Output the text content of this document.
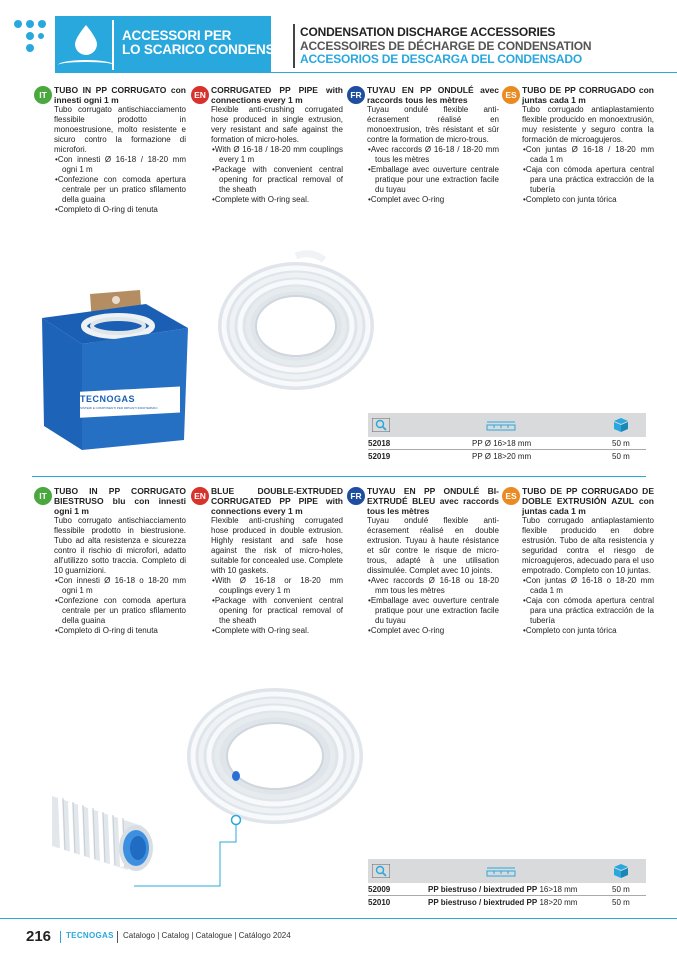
ACCESSORI PER
LO SCARICO CONDENSA
CONDENSATION DISCHARGE ACCESSORIES
ACCESSOIRES DE DÉCHARGE DE CONDENSATION
ACCESORIOS DE DESCARGA DEL CONDENSADO
IT TUBO IN PP CORRUGATO con innesti ogni 1 m
Tubo corrugato antischiacciamento flessibile prodotto in monoestrusione, molto resistente e sicuro contro la formazione di microfori.
• Con innesti Ø 16-18 / 18-20 mm ogni 1 m
• Confezione con comoda apertura centrale per un pratico sfilamento della guaina
• Completo di O-ring di tenuta
EN CORRUGATED PP PIPE with connections every 1 m
Flexible anti-crushing corrugated hose produced in single extrusion, very resistant and safe against the formation of micro-holes.
• With Ø 16-18 / 18-20 mm couplings every 1 m
• Package with convenient central opening for practical removal of the sheath
• Complete with O-ring seal.
FR TUYAU EN PP ONDULÉ avec raccords tous les mètres
Tuyau ondulé flexible anti-écrasement réalisé en monoextrusion, très résistant et sûr contre la formation de micro-trous.
• Avec raccords Ø 16-18 / 18-20 mm tous les mètres
• Emballage avec ouverture centrale pratique pour une extraction facile du tuyau
• Complet avec O-ring
ES TUBO DE PP CORRUGADO con juntas cada 1 m
Tubo corrugado antiaplastamiento flexible producido en monoextrusión, muy resistente y seguro contra la formación de microagujeros.
• Con juntas Ø 16-18 / 18-20 mm cada 1 m
• Caja con cómoda apertura central para una práctica extracción de la tubería
• Completo con junta tórica
TECNOGAS
SISTEMI E COMPONENTI PER IMPIANTI IDROTERMICI
52018	PP Ø 16>18 mm	50 m
52019	PP Ø 18>20 mm	50 m
IT TUBO IN PP CORRUGATO BIESTRUSO blu con innesti ogni 1 m
Tubo corrugato antischiacciamento flessibile prodotto in biestrusione. Tubo ad alta resistenza e sicurezza contro il rischio di microfori, adatto all'utilizzo sotto traccia. Completo di 10 guarnizioni.
• Con innesti Ø 16-18 o 18-20 mm ogni 1 m
• Confezione con comoda apertura centrale per un pratico sfilamento della guaina
• Completo di O-ring di tenuta
EN BLUE DOUBLE-EXTRUDED CORRUGATED PP PIPE with connections every 1 m
Flexible anti-crushing corrugated hose produced in double extrusion. Highly resistant and safe hose against the risk of micro-holes, suitable for concealed use. Complete with 10 gaskets.
• With Ø 16-18 or 18-20 mm couplings every 1 m
• Package with convenient central opening for practical removal of the sheath
• Complete with O-ring seal.
FR TUYAU EN PP ONDULÉ BI-EXTRUDÉ BLEU avec raccords tous les mètres
Tuyau ondulé flexible anti-écrasement réalisé en double extrusion. Tuyau à haute résistance et sûr contre le risque de micro-trous, adapté à une utilisation dissimulée. Complet avec 10 joints.
• Avec raccords Ø 16-18 ou 18-20 mm tous les mètres
• Emballage avec ouverture centrale pratique pour une extraction facile du tuyau
• Complet avec O-ring
ES TUBO DE PP CORRUGADO DE DOBLE EXTRUSIÓN AZUL con juntas cada 1 m
Tubo corrugado antiaplastamiento flexible producido en dobre estrusión. Tubo de alta resistencia y seguridad contra el riesgo de microagujeros, adecuado para el uso empotrado. Completo con 10 juntas.
• Con juntas Ø 16-18 o 18-20 mm cada 1 m
• Caja con cómoda apertura central para una práctica extracción de la tubería
• Completo con junta tórica
52009	PP biestruso / biextruded PP 16>18 mm	50 m
52010	PP biestruso / biextruded PP 18>20 mm	50 m
216 TECNOGAS Catalogo | Catalog | Catalogue | Catálogo 2024
